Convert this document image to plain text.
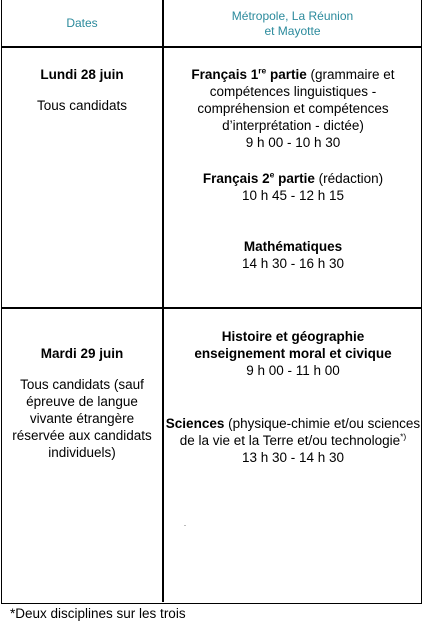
Dates
Métropole, La Réunion
et Mayotte
Lundi 28 juin
Tous candidats
Français 1re partie (grammaire et compétences linguistiques - compréhension et compétences d’interprétation - dictée)
9 h 00 - 10 h 30
Français 2e partie (rédaction)
10 h 45 - 12 h 15
Mathématiques
14 h 30 - 16 h 30
Mardi 29 juin
Tous candidats (sauf épreuve de langue vivante étrangère réservée aux candidats individuels)
Histoire et géographie enseignement moral et civique
9 h 00 - 11 h 00
Sciences (physique-chimie et/ou sciences de la vie et la Terre et/ou technologie*)
13 h 30 - 14 h 30
*Deux disciplines sur les trois
